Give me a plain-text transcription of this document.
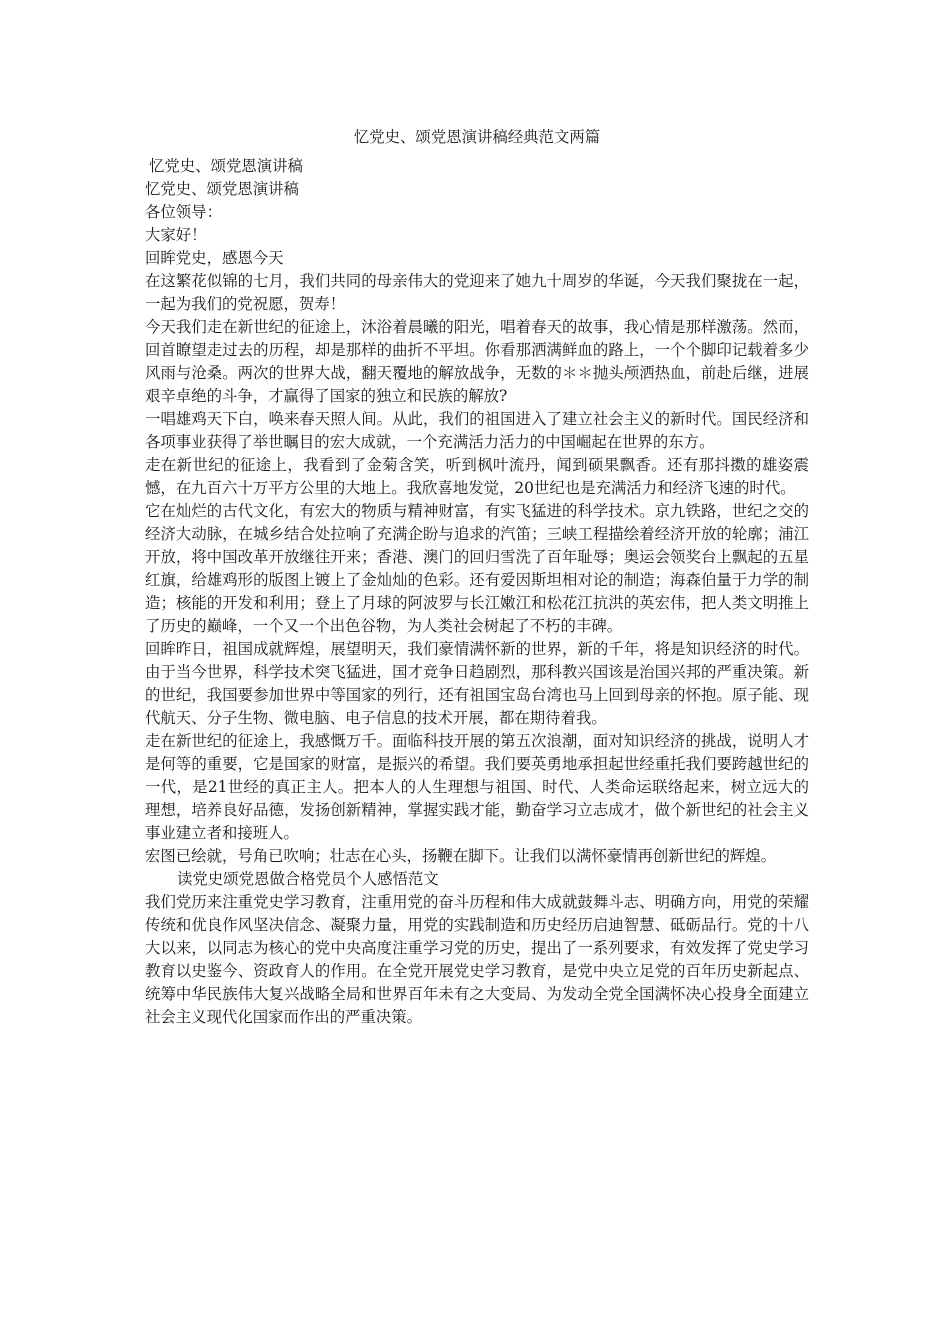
忆党史、颂党恩演讲稿经典范文两篇

忆党史、颂党恩演讲稿

忆党史、颂党恩演讲稿

各位领导：

大家好！

回眸党史，感恩今天

在这繁花似锦的七月，我们共同的母亲伟大的党迎来了她九十周岁的华诞，今天我们聚拢在一起，一起为我们的党祝愿，贺寿！

今天我们走在新世纪的征途上，沐浴着晨曦的阳光，唱着春天的故事，我心情是那样激荡。然而，回首瞭望走过去的历程，却是那样的曲折不平坦。你看那洒满鲜血的路上，一个个脚印记载着多少风雨与沧桑。两次的世界大战，翻天覆地的解放战争，无数的＊＊抛头颅洒热血，前赴后继，进展艰辛卓绝的斗争，才赢得了国家的独立和民族的解放?

一唱雄鸡天下白，唤来春天照人间。从此，我们的祖国进入了建立社会主义的新时代。国民经济和各项事业获得了举世瞩目的宏大成就，一个充满活力活力的中国崛起在世界的东方。

走在新世纪的征途上，我看到了金菊含笑，听到枫叶流丹，闻到硕果飘香。还有那抖擞的雄姿震憾，在九百六十万平方公里的大地上。我欣喜地发觉，20世纪也是充满活力和经济飞速的时代。

它在灿烂的古代文化，有宏大的物质与精神财富，有实飞猛进的科学技术。京九铁路，世纪之交的经济大动脉，在城乡结合处拉响了充满企盼与追求的汽笛；三峡工程描绘着经济开放的轮廓；浦江开放，将中国改革开放继往开来；香港、澳门的回归雪洗了百年耻辱；奥运会领奖台上飘起的五星红旗，给雄鸡形的版图上镀上了金灿灿的色彩。还有爱因斯坦相对论的制造；海森伯量于力学的制造；核能的开发和利用；登上了月球的阿波罗与长江嫩江和松花江抗洪的英宏伟，把人类文明推上了历史的巅峰，一个又一个出色谷物，为人类社会树起了不朽的丰碑。

回眸昨日，祖国成就辉煌，展望明天，我们豪情满怀新的世界，新的千年，将是知识经济的时代。由于当今世界，科学技术突飞猛进，国才竞争日趋剧烈，那科教兴国该是治国兴邦的严重决策。新的世纪，我国要参加世界中等国家的列行，还有祖国宝岛台湾也马上回到母亲的怀抱。原子能、现代航天、分子生物、微电脑、电子信息的技术开展，都在期待着我。

走在新世纪的征途上，我感慨万千。面临科技开展的第五次浪潮，面对知识经济的挑战，说明人才是何等的重要，它是国家的财富，是振兴的希望。我们要英勇地承担起世经重托我们要跨越世纪的一代，是21世经的真正主人。把本人的人生理想与祖国、时代、人类命运联络起来，树立远大的理想，培养良好品德，发扬创新精神，掌握实践才能，勤奋学习立志成才，做个新世纪的社会主义事业建立者和接班人。

宏图已绘就，号角已吹响；壮志在心头，扬鞭在脚下。让我们以满怀豪情再创新世纪的辉煌。

读党史颂党恩做合格党员个人感悟范文

我们党历来注重党史学习教育，注重用党的奋斗历程和伟大成就鼓舞斗志、明确方向，用党的荣耀传统和优良作风坚决信念、凝聚力量，用党的实践制造和历史经历启迪智慧、砥砺品行。党的十八大以来，以同志为核心的党中央高度注重学习党的历史，提出了一系列要求，有效发挥了党史学习教育以史鉴今、资政育人的作用。在全党开展党史学习教育，是党中央立足党的百年历史新起点、统筹中华民族伟大复兴战略全局和世界百年未有之大变局、为发动全党全国满怀决心投身全面建立社会主义现代化国家而作出的严重决策。
